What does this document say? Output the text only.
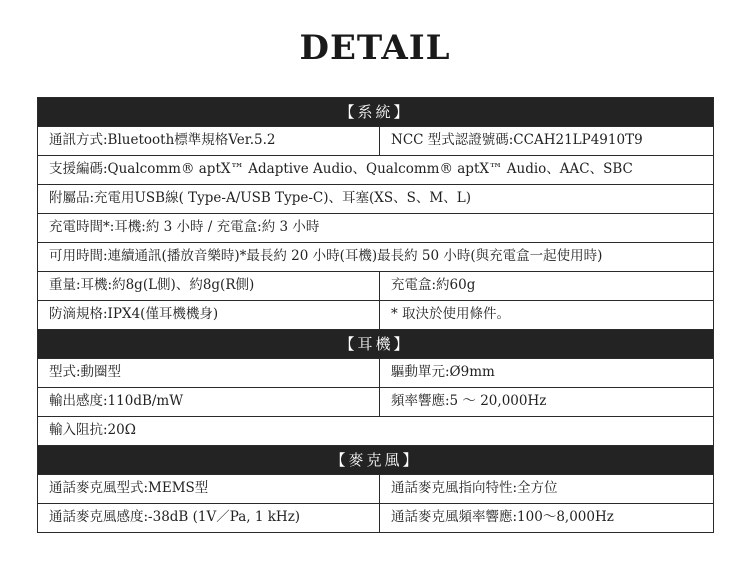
DETAIL
【系統】	
通訊方式:Bluetooth標準規格Ver.5.2	NCC 型式認證號碼:CCAH21LP4910T9
支援編碼:Qualcomm® aptX™ Adaptive Audio、Qualcomm® aptX™ Audio、AAC、SBC	
附屬品:充電用USB線( Type-A/USB Type-C)、耳塞(XS、S、M、L)	
充電時間*:耳機:約 3 小時 / 充電盒:約 3 小時	
可用時間:連續通訊(播放音樂時)*最長約 20 小時(耳機)最長約 50 小時(與充電盒一起使用時)	
重量:耳機:約8g(L側)、約8g(R側)	充電盒:約60g
防滴規格:IPX4(僅耳機機身)	* 取決於使用條件。
【耳機】	
型式:動圈型	驅動單元:Ø9mm
輸出感度:110dB/mW	頻率響應:5 ～ 20,000Hz
輸入阻抗:20Ω	
【麥克風】	
通話麥克風型式:MEMS型	通話麥克風指向特性:全方位
通話麥克風感度:-38dB (1V／Pa, 1 kHz)	通話麥克風頻率響應:100～8,000Hz
